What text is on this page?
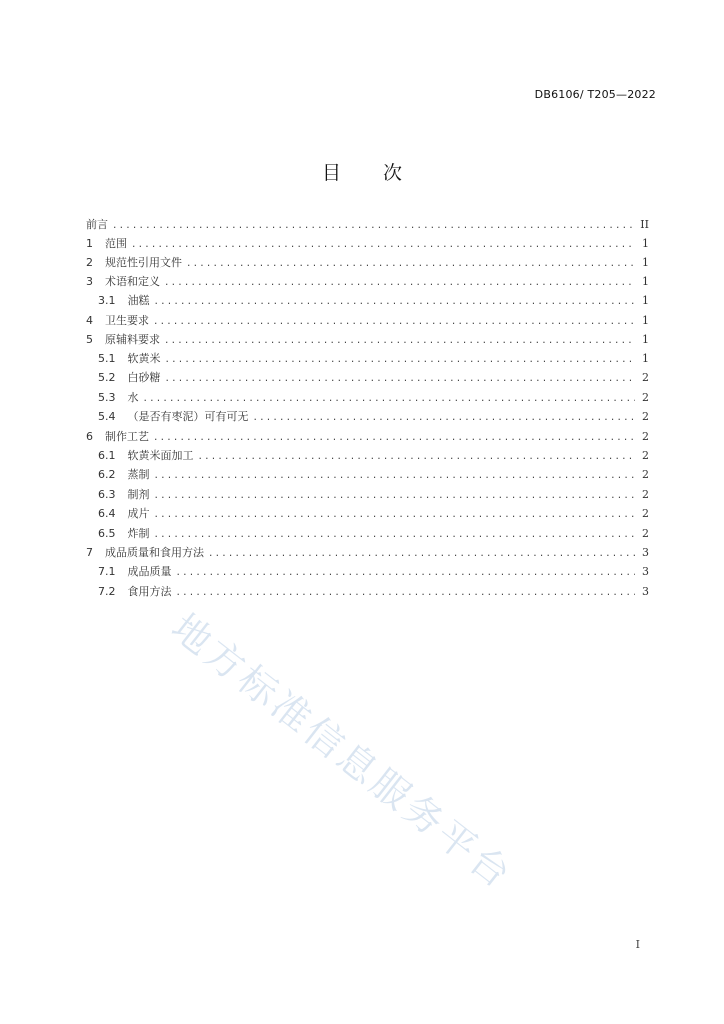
DB6106/ T205—2022
目 次
前言 .....	II
1 范围 .....	1
2 规范性引用文件 .....	1
3 术语和定义 .....	1
3.1 油糕 .....	1
4 卫生要求 .....	1
5 原辅料要求 .....	1
5.1 软黄米 .....	1
5.2 白砂糖 .....	2
5.3 水 .....	2
5.4 （是否有枣泥）可有可无 .....	2
6 制作工艺 .....	2
6.1 软黄米面加工 .....	2
6.2 蒸制 .....	2
6.3 制剂 .....	2
6.4 成片 .....	2
6.5 炸制 .....	2
7 成品质量和食用方法 .....	3
7.1 成品质量 .....	3
7.2 食用方法 .....	3
I
地方标准信息服务平台
